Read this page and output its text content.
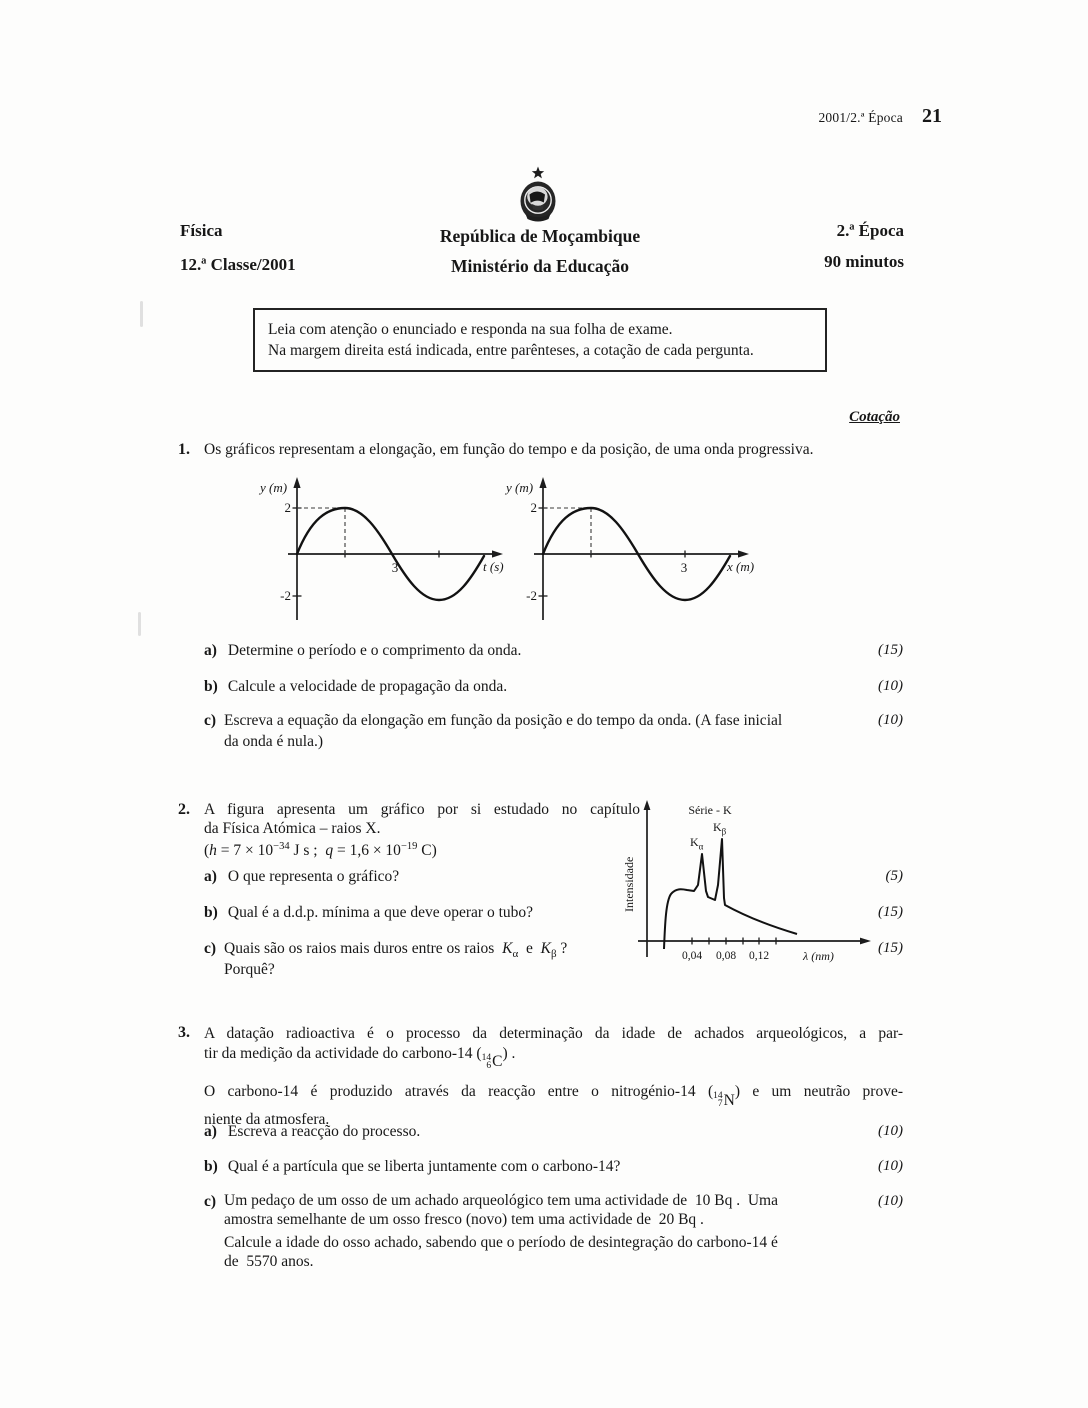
2001/2.ª Época 21
Física
12.ª Classe/2001
República de Moçambique
Ministério da Educação
2.ª Época
90 minutos
Leia com atenção o enunciado e responda na sua folha de exame.
Na margem direita está indicada, entre parênteses, a cotação de cada pergunta.
Cotação
1. Os gráficos representam a elongação, em função do tempo e da posição, de uma onda progressiva.
y (m)
2
-2
3	t (s)
y (m)
2
-2
3	x (m)
a) Determine o período e o comprimento da onda.	(15)
b) Calcule a velocidade de propagação da onda.	(10)
c) Escreva a equação da elongação em função da posição e do tempo da onda. (A fase inicial
da onda é nula.)
(10)
2. A figura apresenta um gráfico por si estudado no capítulo
da Física Atómica – raios X.
($h = 7 \times 10^{-34}$ J s ;  $q = 1,6 \times 10^{-19}$ C)
Série - K
Intensidade
0,04 0,08 0,12	λ (nm)
$K_\alpha$
$K_\beta$
a) O que representa o gráfico?	(5)
b) Qual é a d.d.p. mínima a que deve operar o tubo?	(15)
c) Quais são os raios mais duros entre os raios  $K_\alpha$  e  $K_\beta$ ?
Porquê?
(15)
3. A datação radioactiva é o processo da determinação da idade de achados arqueológicos, a par-
tir da medição da actividade do carbono-14 ( 14
6 C
) .
O carbono-14 é produzido através da reacção entre o nitrogénio-14 ( 14
7 N
) e um neutrão prove-
niente da atmosfera.
a) Escreva a reacção do processo.	(10)
b) Qual é a partícula que se liberta juntamente com o carbono-14?	(10)
c) Um pedaço de um osso de um achado arqueológico tem uma actividade de  10 Bq .  Uma
amostra semelhante de um osso fresco (novo) tem uma actividade de  20 Bq .
Calcule a idade do osso achado, sabendo que o período de desintegração do carbono-14 é
de  5570 anos.
(10)
